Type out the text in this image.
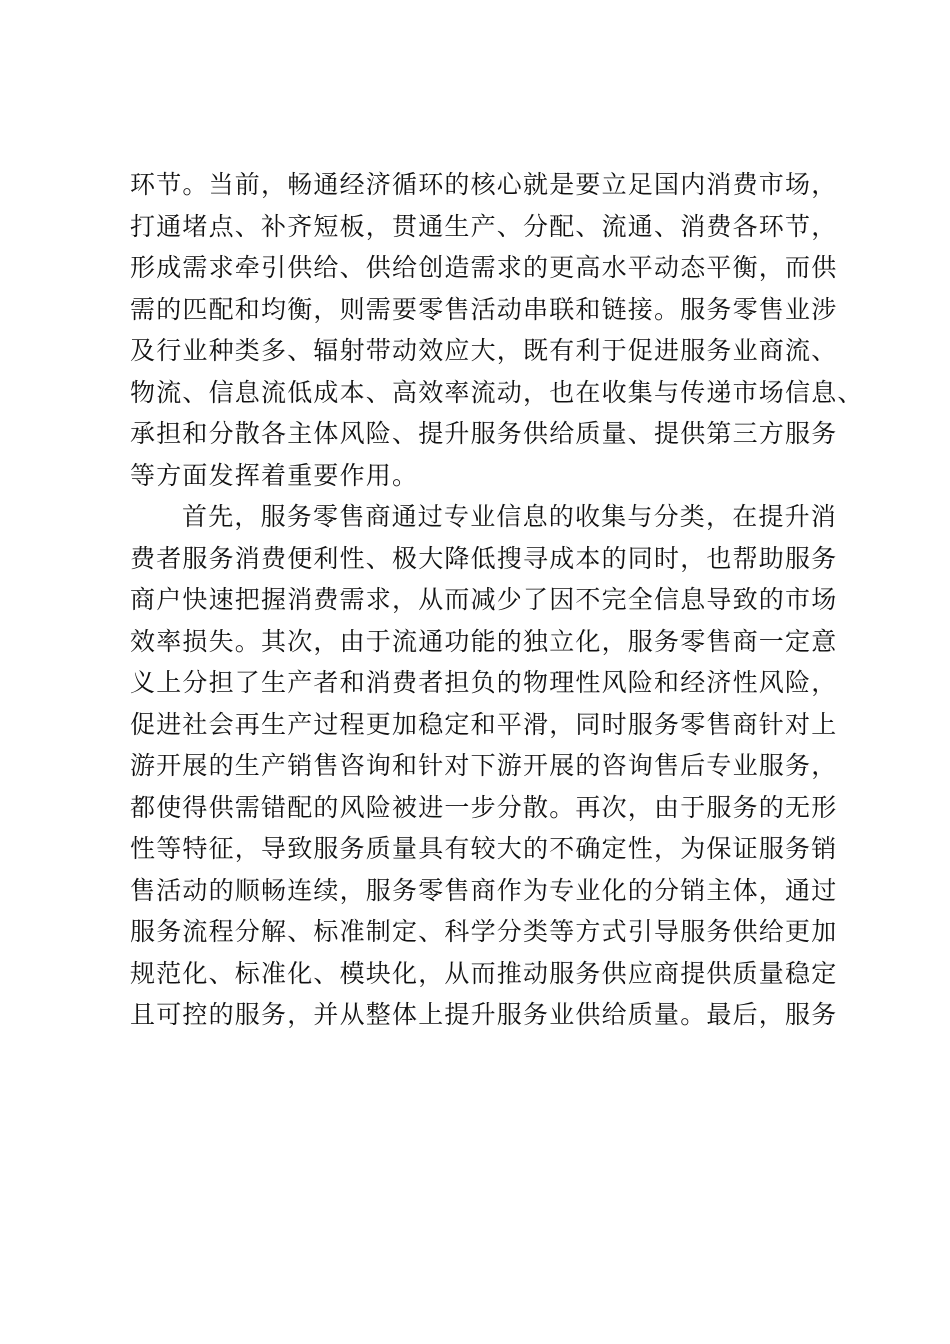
环节。当前，畅通经济循环的核心就是要立足国内消费市场，
打通堵点、补齐短板，贯通生产、分配、流通、消费各环节，
形成需求牵引供给、供给创造需求的更高水平动态平衡，而供
需的匹配和均衡，则需要零售活动串联和链接。服务零售业涉
及行业种类多、辐射带动效应大，既有利于促进服务业商流、
物流、信息流低成本、高效率流动，也在收集与传递市场信息、
承担和分散各主体风险、提升服务供给质量、提供第三方服务
等方面发挥着重要作用。
首先，服务零售商通过专业信息的收集与分类，在提升消
费者服务消费便利性、极大降低搜寻成本的同时，也帮助服务
商户快速把握消费需求，从而减少了因不完全信息导致的市场
效率损失。其次，由于流通功能的独立化，服务零售商一定意
义上分担了生产者和消费者担负的物理性风险和经济性风险，
促进社会再生产过程更加稳定和平滑，同时服务零售商针对上
游开展的生产销售咨询和针对下游开展的咨询售后专业服务，
都使得供需错配的风险被进一步分散。再次，由于服务的无形
性等特征，导致服务质量具有较大的不确定性，为保证服务销
售活动的顺畅连续，服务零售商作为专业化的分销主体，通过
服务流程分解、标准制定、科学分类等方式引导服务供给更加
规范化、标准化、模块化，从而推动服务供应商提供质量稳定
且可控的服务，并从整体上提升服务业供给质量。最后，服务
